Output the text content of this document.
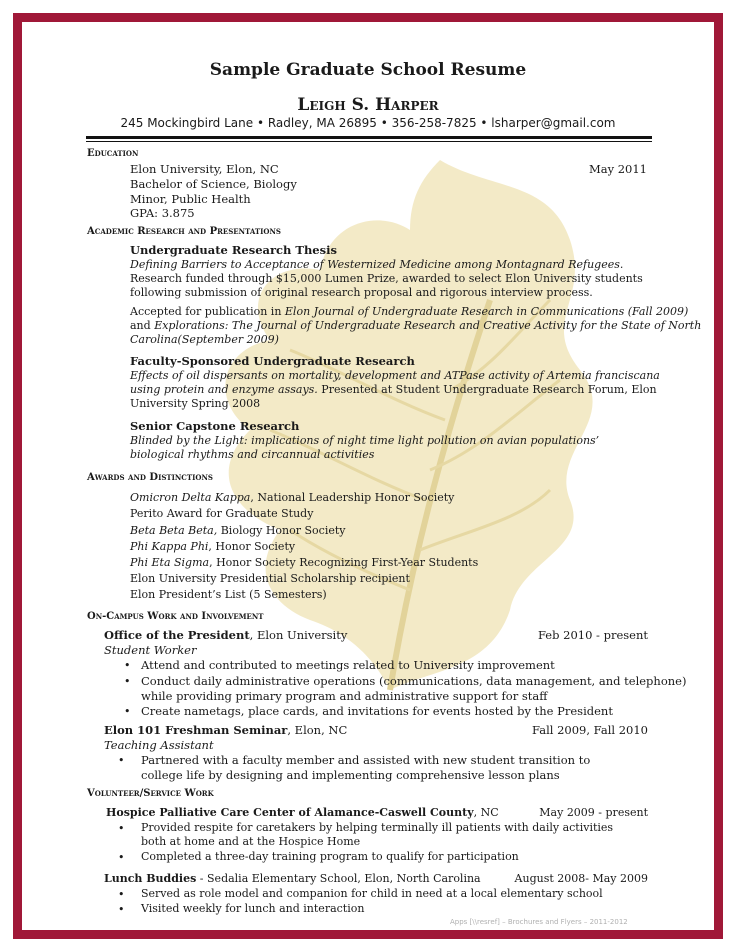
Sample Graduate School Resume
Leigh S. Harper
245 Mockingbird Lane • Radley, MA 26895 • 356-258-7825 • lsharper@gmail.com
Education
Elon University, Elon, NC	May 2011
Bachelor of Science, Biology
Minor, Public Health
GPA: 3.875
Academic Research and Presentations
Undergraduate Research Thesis
Defining Barriers to Acceptance of Westernized Medicine among Montagnard Refugees.
Research funded through $15,000 Lumen Prize, awarded to select Elon University students
following submission of original research proposal and rigorous interview process.
Accepted for publication in Elon Journal of Undergraduate Research in Communications (Fall 2009)
and Explorations: The Journal of Undergraduate Research and Creative Activity for the State of North
Carolina(September 2009)
Faculty-Sponsored Undergraduate Research
Effects of oil dispersants on mortality, development and ATPase activity of Artemia franciscana
using protein and enzyme assays. Presented at Student Undergraduate Research Forum, Elon
University Spring 2008
Senior Capstone Research
Blinded by the Light: implications of night time light pollution on avian populations’
biological rhythms and circannual activities
Awards and Distinctions
Omicron Delta Kappa, National Leadership Honor Society
Perito Award for Graduate Study
Beta Beta Beta, Biology Honor Society
Phi Kappa Phi, Honor Society
Phi Eta Sigma, Honor Society Recognizing First-Year Students
Elon University Presidential Scholarship recipient
Elon President’s List (5 Semesters)
On-Campus Work and Involvement
Office of the President, Elon University	Feb 2010 - present
Student Worker
• Attend and contributed to meetings related to University improvement
• Conduct daily administrative operations (communications, data management, and telephone)
while providing primary program and administrative support for staff
• Create nametags, place cards, and invitations for events hosted by the President
Elon 101 Freshman Seminar, Elon, NC	Fall 2009, Fall 2010
Teaching Assistant
• Partnered with a faculty member and assisted with new student transition to
college life by designing and implementing comprehensive lesson plans
Volunteer/Service Work
Hospice Palliative Care Center of Alamance-Caswell County, NC	May 2009 - present
• Provided respite for caretakers by helping terminally ill patients with daily activities
both at home and at the Hospice Home
• Completed a three-day training program to qualify for participation
Lunch Buddies - Sedalia Elementary School, Elon, North Carolina	August 2008- May 2009
• Served as role model and companion for child in need at a local elementary school
• Visited weekly for lunch and interaction
Apps [\\resref] – Brochures and Flyers – 2011-2012
